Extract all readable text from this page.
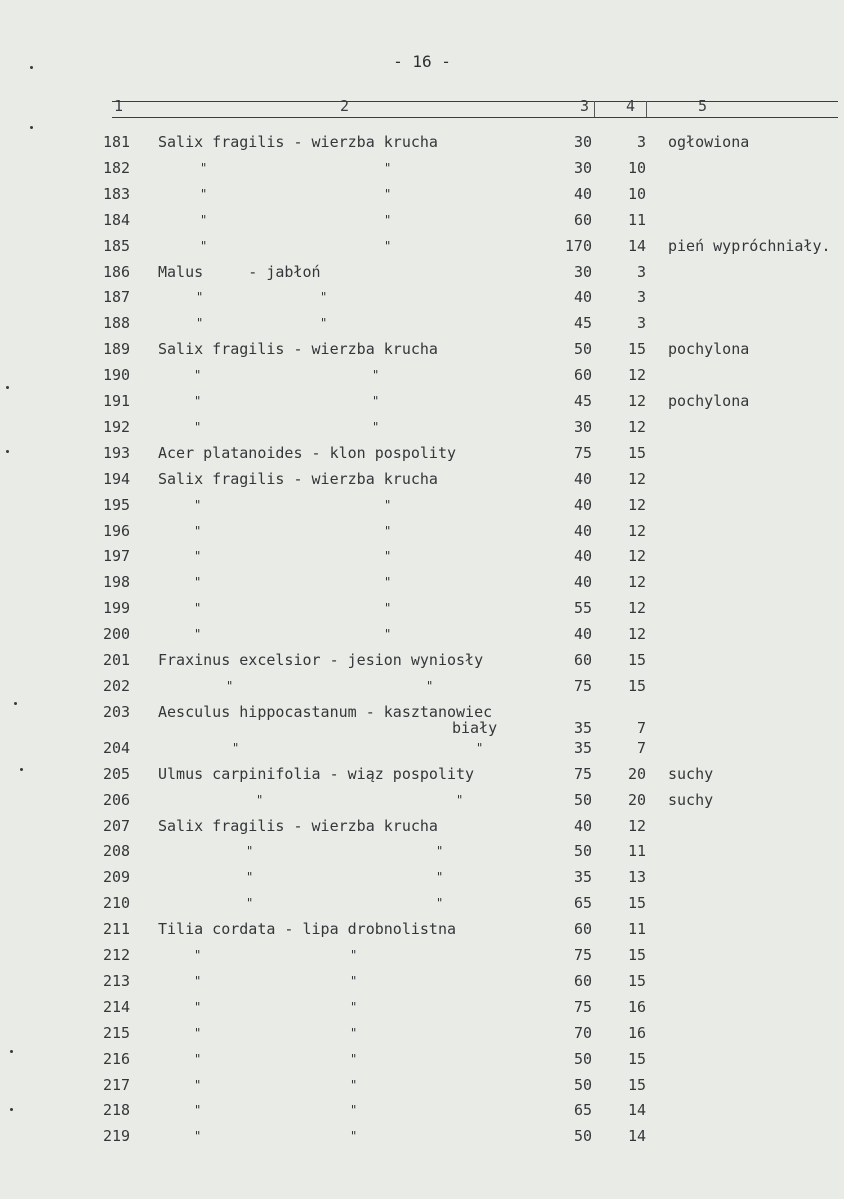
- 16 -
1	2	3 4	5
181 Salix fragilis - wierzba krucha	30	3 ogłowiona
182	"	"	30	10
183	"	"	40	10
184	"	"	60	11
185	"	"	170	14 pień wypróchniały.
186 Malus     - jabłoń	30	3
187	"	"	40	3
188	"	"	45	3
189 Salix fragilis - wierzba krucha	50	15 pochylona
190	"	"	60	12
191	"	"	45	12 pochylona
192	"	"	30	12
193 Acer platanoides - klon pospolity	75	15
194 Salix fragilis - wierzba krucha	40	12
195	"	"	40	12
196	"	"	40	12
197	"	"	40	12
198	"	"	40	12
199	"	"	55	12
200	"	"	40	12
201 Fraxinus excelsior - jesion wyniosły	60	15
202	"	"	75	15
203 Aesculus hippocastanum - kasztanowiec
biały	35	7
204	"	"	35	7
205 Ulmus carpinifolia - wiąz pospolity	75	20 suchy
206	"	"	50	20 suchy
207 Salix fragilis - wierzba krucha	40	12
208	"	"	50	11
209	"	"	35	13
210	"	"	65	15
211 Tilia cordata - lipa drobnolistna	60	11
212	"	"	75	15
213	"	"	60	15
214	"	"	75	16
215	"	"	70	16
216	"	"	50	15
217	"	"	50	15
218	"	"	65	14
219	"	"	50	14
